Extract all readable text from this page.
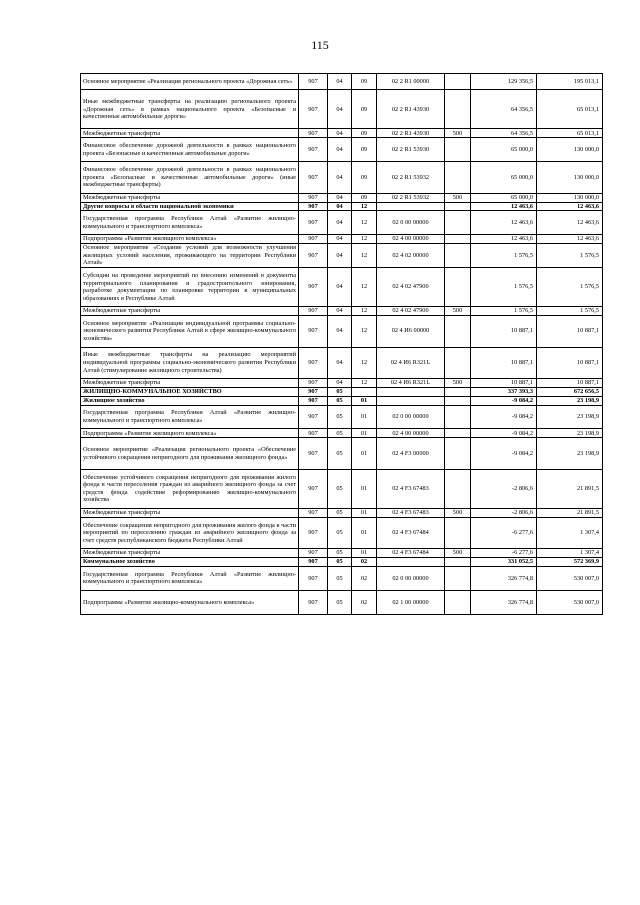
115
Основное мероприятие «Реализация регионального проекта «Дорожная сеть»	907	04	09	02 2 R1 00000		129 356,5	195 013,1
Иные межбюджетные трансферты на реализацию регионального проекта «Дорожная сеть» в рамках национального проекта «Безопасные и качественные автомобильные дороги»	907	04	09	02 2 R1 43930		64 356,5	65 013,1
Межбюджетные трансферты	907	04	09	02 2 R1 43930	500	64 356,5	65 013,1
Финансовое обеспечение дорожной деятельности в рамках национального проекта «Безопасные и качественные автомобильные дороги»	907	04	09	02 2 R1 53930		65 000,0	130 000,0
Финансовое обеспечение дорожной деятельности в рамках национального проекта «Безопасные и качественные автомобильные дороги» (иные межбюджетные трансферты)	907	04	09	02 2 R1 53932		65 000,0	130 000,0
Межбюджетные трансферты	907	04	09	02 2 R1 53932	500	65 000,0	130 000,0
Другие вопросы в области национальной экономики	907	04	12			12 463,6	12 463,6
Государственная программа Республики Алтай «Развитие жилищно-коммунального и транспортного комплекса»	907	04	12	02 0 00 00000		12 463,6	12 463,6
Подпрограмма «Развитие жилищного комплекса»	907	04	12	02 4 00 00000		12 463,6	12 463,6
Основное мероприятие «Создание условий для возможности улучшения жилищных условий населения, проживающего на территории Республики Алтай»	907	04	12	02 4 02 00000		1 576,5	1 576,5
Субсидии на проведение мероприятий по внесению изменений в документы территориального планирования и градостроительного зонирования, разработке документации по планировке территории в муниципальных образованиях в Республике Алтай	907	04	12	02 4 02 47900		1 576,5	1 576,5
Межбюджетные трансферты	907	04	12	02 4 02 47900	500	1 576,5	1 576,5
Основное мероприятие «Реализация индивидуальной программы социально-экономического развития Республики Алтай в сфере жилищно-коммунального хозяйства»	907	04	12	02 4 И6 00000		10 887,1	10 887,1
Иные межбюджетные трансферты на реализацию мероприятий индивидуальной программы социально-экономического развития Республики Алтай (стимулирование жилищного строительства)	907	04	12	02 4 И6 R321L		10 887,1	10 887,1
Межбюджетные трансферты	907	04	12	02 4 И6 R321L	500	10 887,1	10 887,1
ЖИЛИЩНО-КОММУНАЛЬНОЕ ХОЗЯЙСТВО	907	05				337 393,3	672 656,5
Жилищное хозяйство	907	05	01			-9 084,2	23 198,9
Государственная программа Республики Алтай «Развитие жилищно-коммунального и транспортного комплекса»	907	05	01	02 0 00 00000		-9 084,2	23 198,9
Подпрограмма «Развитие жилищного комплекса»	907	05	01	02 4 00 00000		-9 084,2	23 198,9
Основное мероприятие «Реализация регионального проекта «Обеспечение устойчивого сокращения непригодного для проживания жилищного фонда»	907	05	01	02 4 F3 00000		-9 084,2	23 198,9
Обеспечение устойчивого сокращения непригодного для проживания жилого фонда в части переселения граждан из аварийного жилищного фонда за счет средств фонда содействия реформированию жилищно-коммунального хозяйства	907	05	01	02 4 F3 67483		-2 806,6	21 891,5
Межбюджетные трансферты	907	05	01	02 4 F3 67483	500	-2 806,6	21 891,5
Обеспечение сокращения непригодного для проживания жилого фонда в части мероприятий по переселению граждан из аварийного жилищного фонда за счет средств республиканского бюджета Республики Алтай	907	05	01	02 4 F3 67484		-6 277,6	1 307,4
Межбюджетные трансферты	907	05	01	02 4 F3 67484	500	-6 277,6	1 307,4
Коммунальное хозяйство	907	05	02			331 052,5	572 369,9
Государственная программа Республики Алтай «Развитие жилищно-коммунального и транспортного комплекса»	907	05	02	02 0 00 00000		326 774,8	530 007,0
Подпрограмма «Развитие жилищно-коммунального комплекса»	907	05	02	02 1 00 00000		326 774,8	530 007,0
